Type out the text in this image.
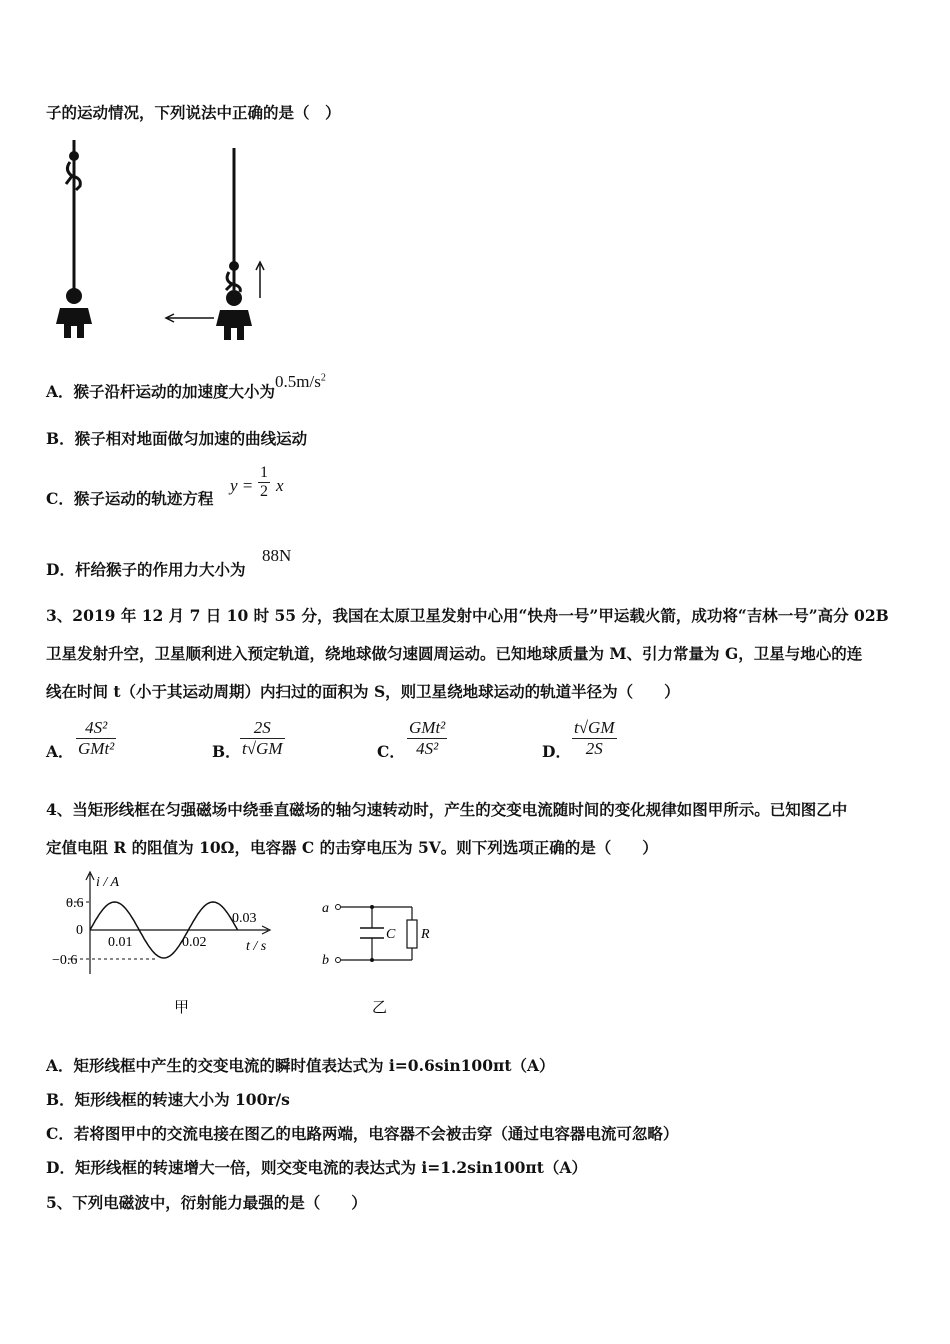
子的运动情况，下列说法中正确的是（　）
A．猴子沿杆运动的加速度大小为$0.5m/s^2$
B．猴子相对地面做匀加速的曲线运动
C．猴子运动的轨迹方程
$y = \frac{1}{2}$ x
D．杆给猴子的作用力大小为
88N
3、2019 年 12 月 7 日 10 时 55 分，我国在太原卫星发射中心用“快舟一号”甲运载火箭，成功将“吉林一号”高分 02B
卫星发射升空，卫星顺利进入预定轨道，绕地球做匀速圆周运动。已知地球质量为 M、引力常量为 G，卫星与地心的连
线在时间 t（小于其运动周期）内扫过的面积为 S，则卫星绕地球运动的轨道半径为（　　）
A．
4S²
GMt²	B． $\frac{2S}{t√GM}$	C．
GMt²
4S²	D． $\frac{t√GM}{2S}$
4、当矩形线框在匀强磁场中绕垂直磁场的轴匀速转动时，产生的交变电流随时间的变化规律如图甲所示。已知图乙中
定值电阻 R 的阻值为 10Ω，电容器 C 的击穿电压为 5V。则下列选项正确的是（　　）
i / A
0.6
0
−0.6
0.01	0.02
0.03
t / s
甲
a
b
C R
乙
A．矩形线框中产生的交变电流的瞬时值表达式为 i=0.6sin100πt（A）
B．矩形线框的转速大小为 100r/s
C．若将图甲中的交流电接在图乙的电路两端，电容器不会被击穿（通过电容器电流可忽略）
D．矩形线框的转速增大一倍，则交变电流的表达式为 i=1.2sin100πt（A）
5、下列电磁波中，衍射能力最强的是（　　）
